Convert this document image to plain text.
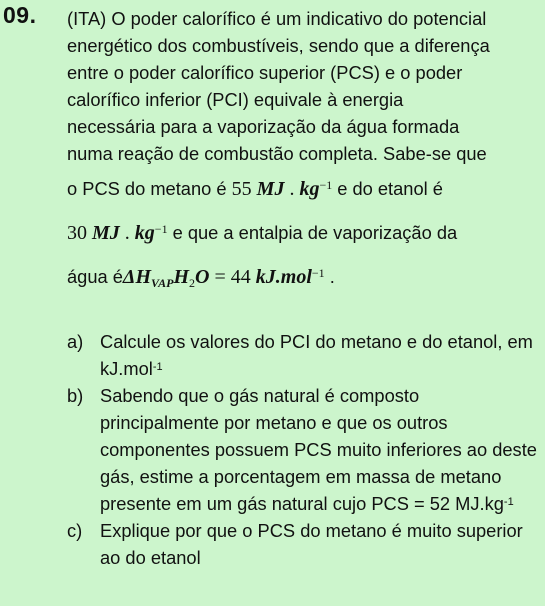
09. (ITA) O poder calorífico é um indicativo do potencial
energético dos combustíveis, sendo que a diferença
entre o poder calorífico superior (PCS) e o poder
calorífico inferior (PCI) equivale à energia
necessária para a vaporização da água formada
numa reação de combustão completa. Sabe-se que
o PCS do metano é 55 MJ . $kg^{-1}$ e do etanol é
30 MJ . $kg^{-1}$ e que a entalpia de vaporização da
água $é\Delta H_{VAP}H_2O = 44$ kJ.mol$^{-1}$ .
a) Calcule os valores do PCI do metano e do etanol, em kJ.mol$^{-1}$
b) Sabendo que o gás natural é composto principalmente por metano e que os outros componentes possuem PCS muito inferiores ao deste gás, estime a porcentagem em massa de metano presente em um gás natural cujo PCS = 52 $MJ.kg^{-1}$
c) Explique por que o PCS do metano é muito superior ao do etanol
